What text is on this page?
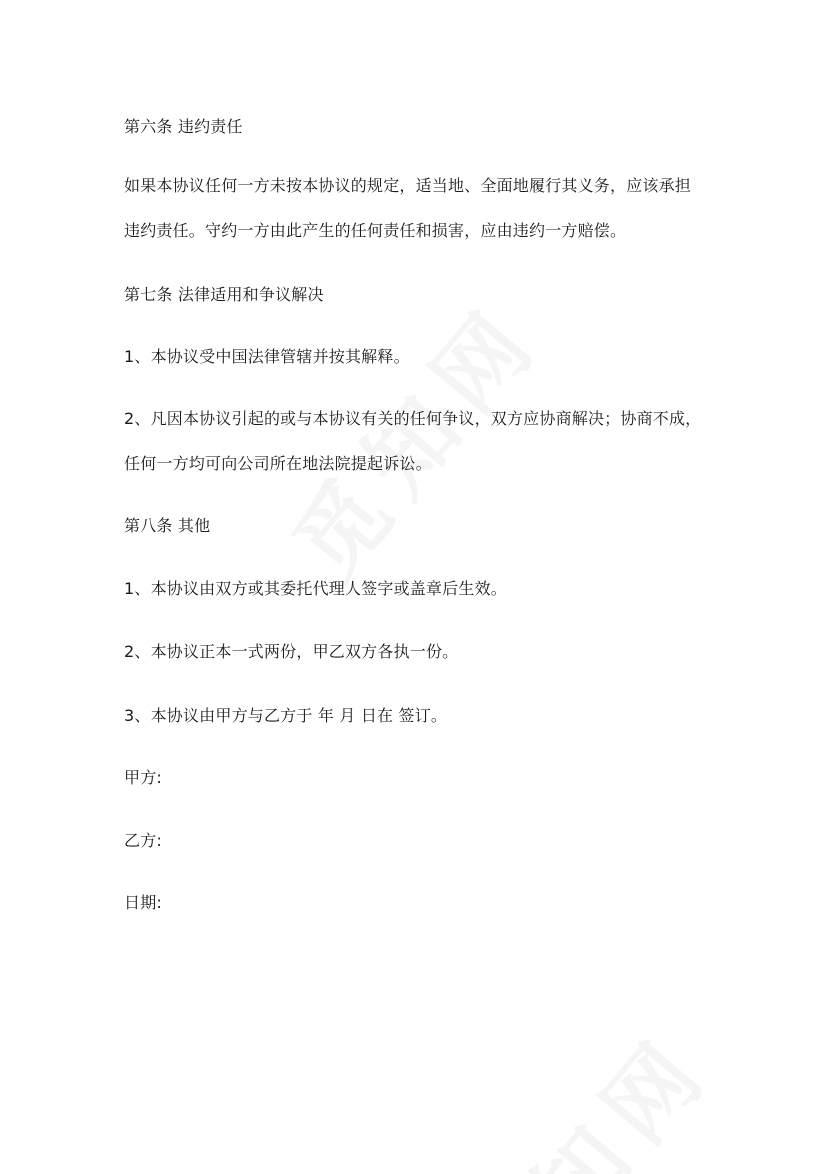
第六条 违约责任
如果本协议任何一方未按本协议的规定，适当地、全面地履行其义务，应该承担
违约责任。守约一方由此产生的任何责任和损害，应由违约一方赔偿。
第七条 法律适用和争议解决
1、本协议受中国法律管辖并按其解释。
2、凡因本协议引起的或与本协议有关的任何争议，双方应协商解决；协商不成，
任何一方均可向公司所在地法院提起诉讼。
第八条 其他
1、本协议由双方或其委托代理人签字或盖章后生效。
2、本协议正本一式两份，甲乙双方各执一份。
3、本协议由甲方与乙方于 年 月 日在 签订。
甲方:
乙方:
日期:
